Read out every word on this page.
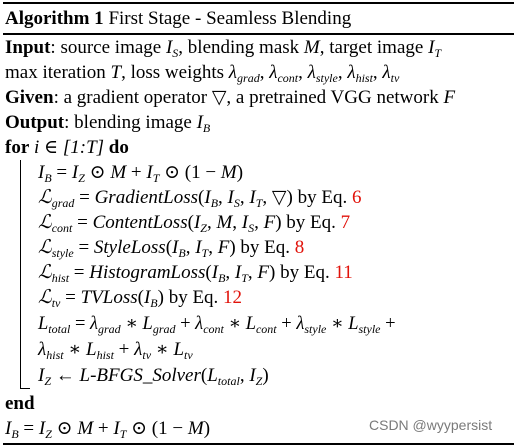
Algorithm 1 First Stage - Seamless Blending
Input: source image $I_S$, blending mask M, target image $I_T$
max iteration T, loss weights $\lambda_{grad}$, $\lambda_{cont}$, $\lambda_{style}$, $\lambda_{hist}$, $\lambda_{tv}$
Given: a gradient operator ▽, a pretrained VGG network F
Output: blending image $I_B$
for i ∈ [1:T] do
$I_B = I_Z$ ⊙ $M + I_T$ ⊙ (1 − M)
ℒ$_{grad}$ = $GradientLoss(I_B$, $I_S$, $I_T$, ▽) by Eq. 6
ℒ$_{cont}$ = $ContentLoss(I_Z$, M, $I_S$, F) by Eq. 7
ℒ$_{style}$ = $StyleLoss(I_B$, $I_T$, F) by Eq. 8
ℒ$_{hist}$ = $HistogramLoss(I_B$, $I_T$, F) by Eq. 11
ℒ$_{tv}$ = $TVLoss(I_B)$ by Eq. 12
$L_{total} = \lambda_{grad}$ ∗ $L_{grad} + \lambda_{cont}$ ∗ $L_{cont} + \lambda_{style}$ ∗ $L_{style}$ +
$\lambda_{hist}$ ∗ $L_{hist} + \lambda_{tv}$ ∗ $L_{tv}$
$I_Z$ ← $L-BFGS\_Solver(L_{total}$, $I_Z$)
end
$I_B = I_Z$ ⊙ $M + I_T$ ⊙ (1 − M)	CSDN @wyypersist
